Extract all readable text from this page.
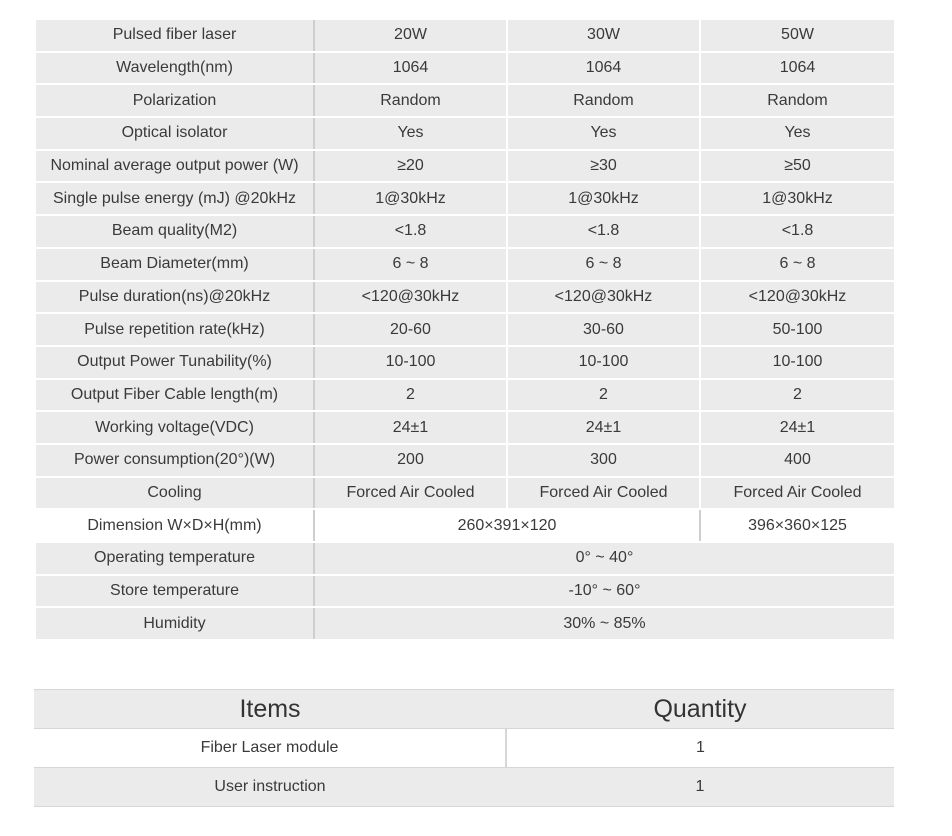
Pulsed fiber laser	20W	30W	50W
Wavelength(nm)	1064	1064	1064
Polarization	Random	Random	Random
Optical isolator	Yes	Yes	Yes
Nominal average output power (W)	≥20	≥30	≥50
Single pulse energy (mJ) @20kHz	1@30kHz	1@30kHz	1@30kHz
Beam quality(M2)	<1.8	<1.8	<1.8
Beam Diameter(mm)	6 ~ 8	6 ~ 8	6 ~ 8
Pulse duration(ns)@20kHz	<120@30kHz	<120@30kHz	<120@30kHz
Pulse repetition rate(kHz)	20-60	30-60	50-100
Output Power Tunability(%)	10-100	10-100	10-100
Output Fiber Cable length(m)	2	2	2
Working voltage(VDC)	24±1	24±1	24±1
Power consumption(20°)(W)	200	300	400
Cooling	Forced Air Cooled	Forced Air Cooled	Forced Air Cooled
Dimension W×D×H(mm)	260×391×120		396×360×125
Operating temperature	0° ~ 40°		
Store temperature	-10° ~ 60°		
Humidity	30% ~ 85%		
Items	Quantity
Fiber Laser module	1
User instruction	1
